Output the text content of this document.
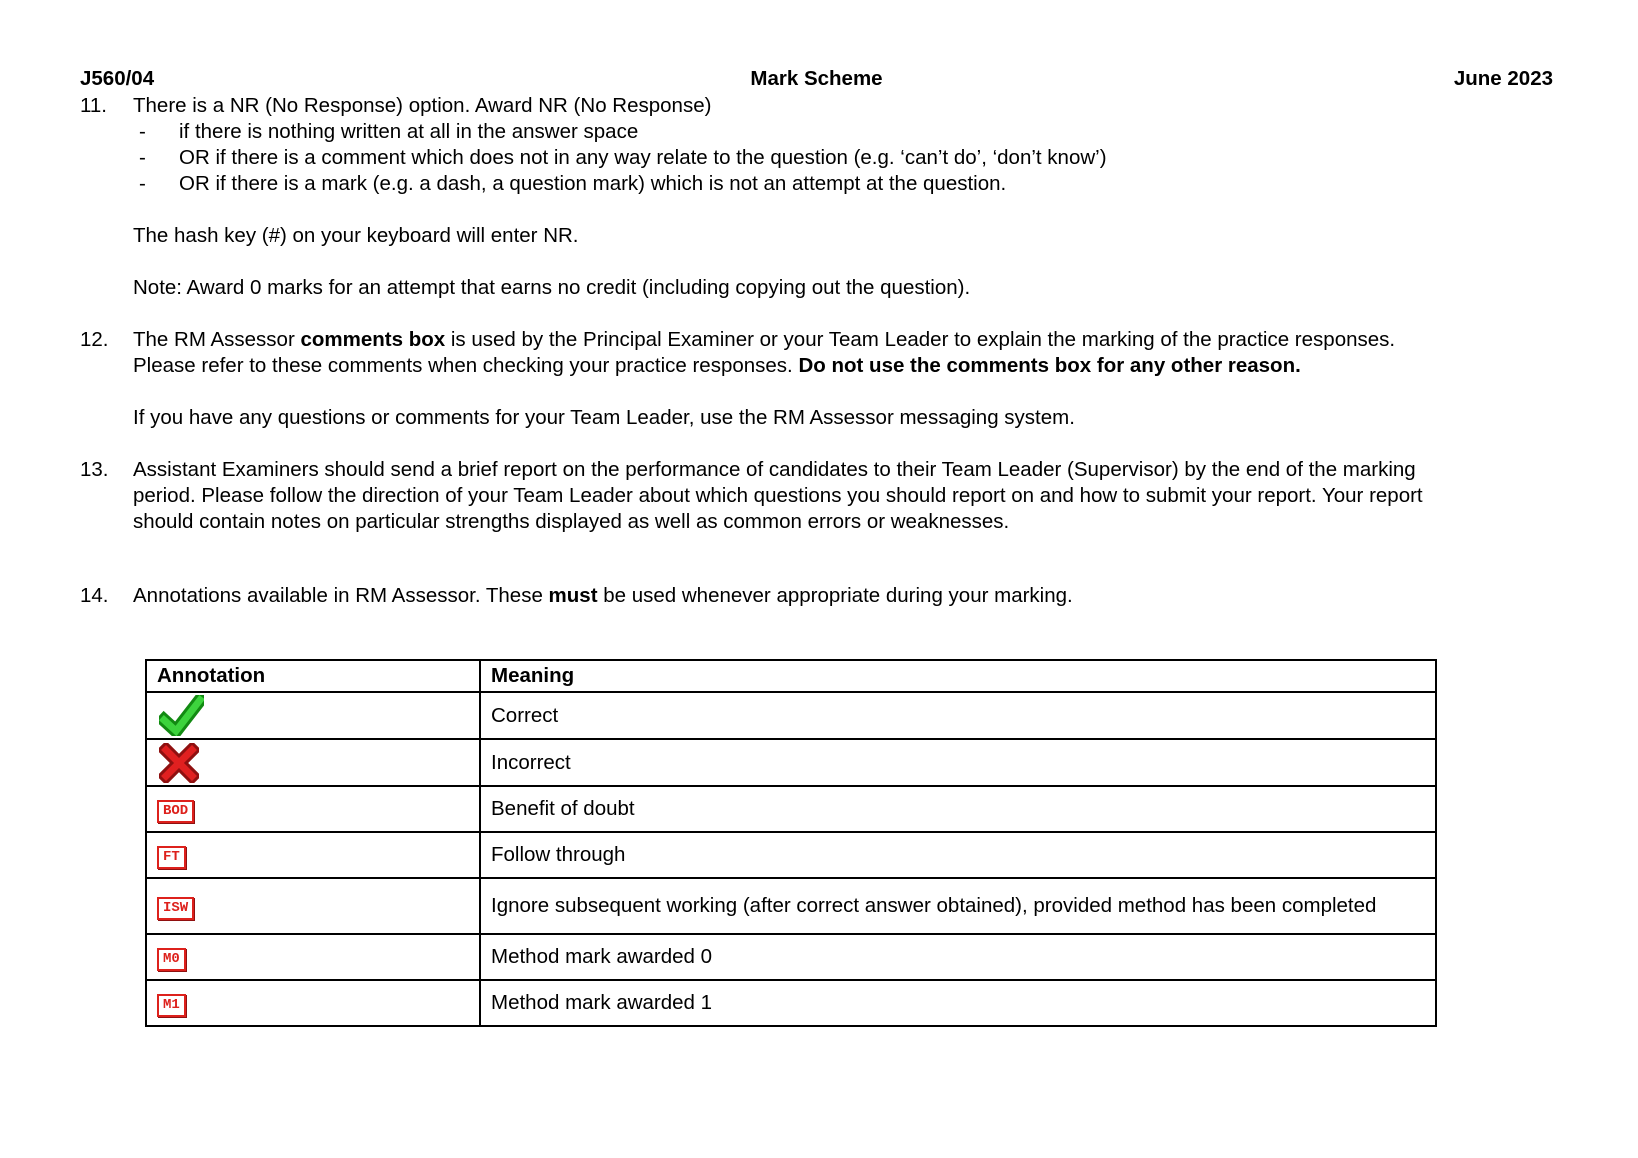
J560/04	Mark Scheme	June 2023
11.	There is a NR (No Response) option. Award NR (No Response)
-	if there is nothing written at all in the answer space
-	OR if there is a comment which does not in any way relate to the question (e.g. ‘can’t do’, ‘don’t know’)
-	OR if there is a mark (e.g. a dash, a question mark) which is not an attempt at the question.
The hash key (#) on your keyboard will enter NR.
Note: Award 0 marks for an attempt that earns no credit (including copying out the question).
12.	The RM Assessor comments box is used by the Principal Examiner or your Team Leader to explain the marking of the practice responses. Please refer to these comments when checking your practice responses. Do not use the comments box for any other reason.
If you have any questions or comments for your Team Leader, use the RM Assessor messaging system.
13.	Assistant Examiners should send a brief report on the performance of candidates to their Team Leader (Supervisor) by the end of the marking period. Please follow the direction of your Team Leader about which questions you should report on and how to submit your report. Your report should contain notes on particular strengths displayed as well as common errors or weaknesses.
14.	Annotations available in RM Assessor. These must be used whenever appropriate during your marking.
Annotation	Meaning

	Correct

	Incorrect
BOD	Benefit of doubt
FT	Follow through
ISW	Ignore subsequent working (after correct answer obtained), provided method has been completed

M0	Method mark awarded 0
M1	Method mark awarded 1
